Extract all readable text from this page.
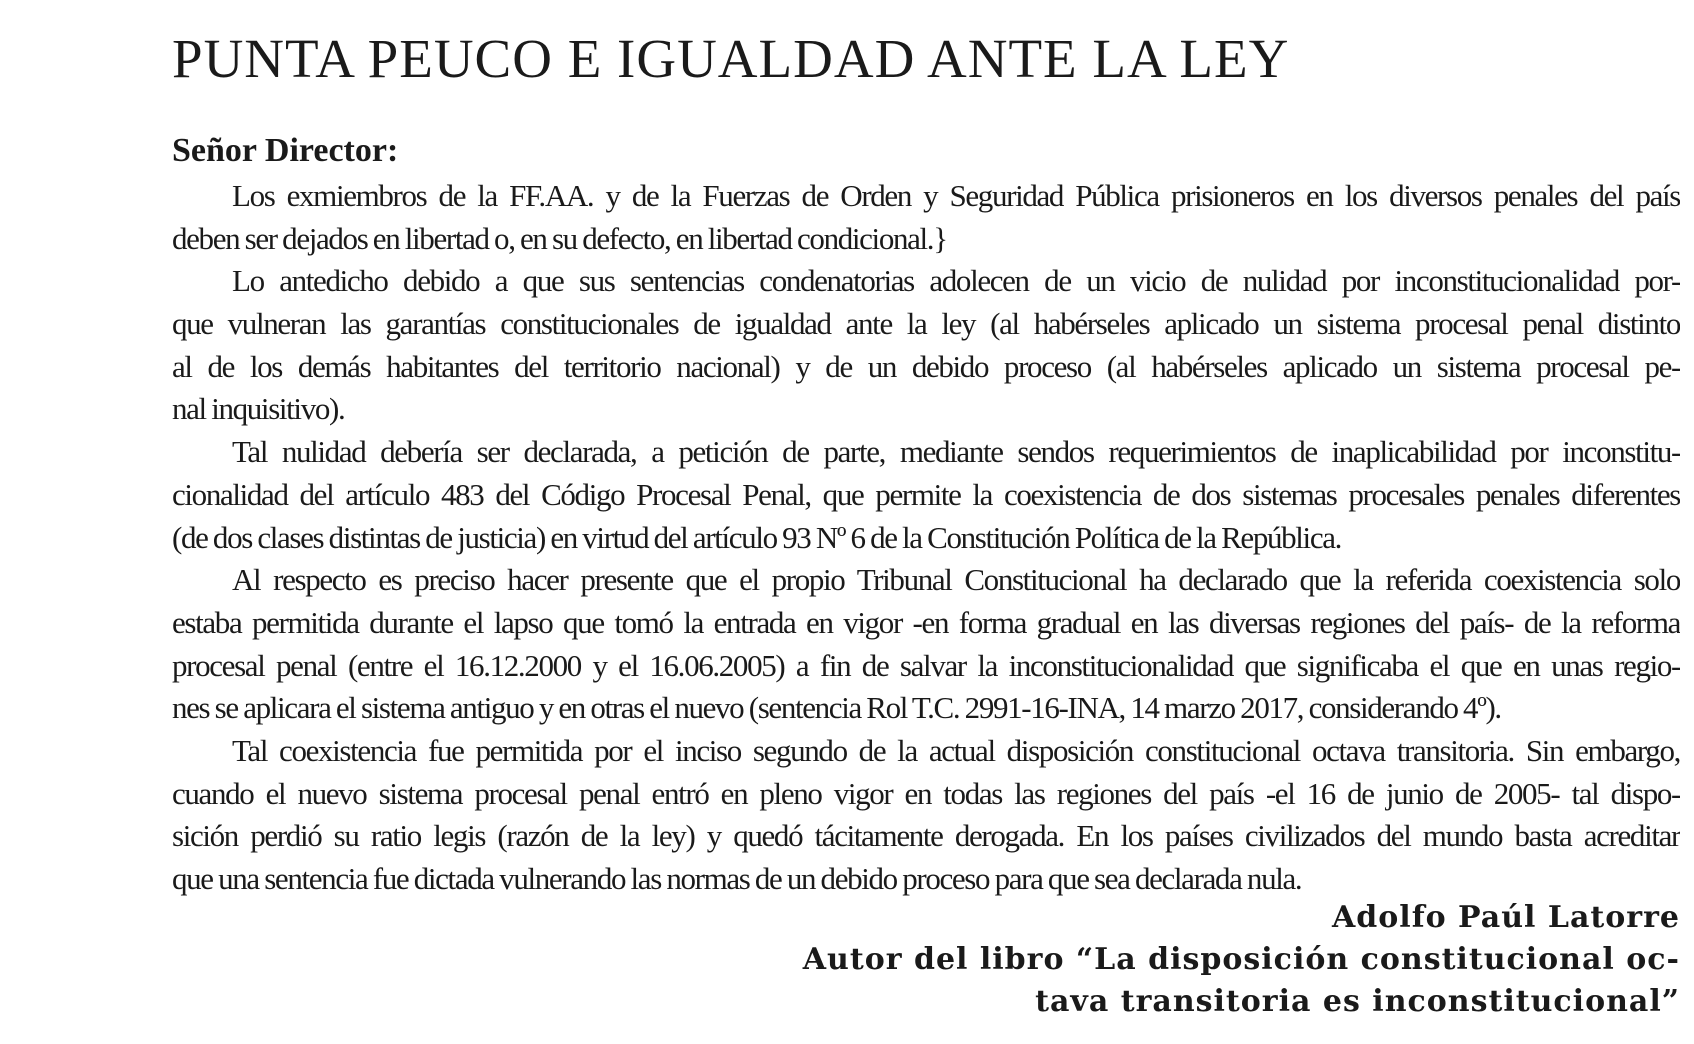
PUNTA PEUCO E IGUALDAD ANTE LA LEY
Señor Director:
Los exmiembros de la FF.AA. y de la Fuerzas de Orden y Seguridad Pública prisioneros en los diversos penales del país
deben ser dejados en libertad o, en su defecto, en libertad condicional.}
Lo antedicho debido a que sus sentencias condenatorias adolecen de un vicio de nulidad por inconstitucionalidad por-
que vulneran las garantías constitucionales de igualdad ante la ley (al habérseles aplicado un sistema procesal penal distinto
al de los demás habitantes del territorio nacional) y de un debido proceso (al habérseles aplicado un sistema procesal pe-
nal inquisitivo).
Tal nulidad debería ser declarada, a petición de parte, mediante sendos requerimientos de inaplicabilidad por inconstitu-
cionalidad del artículo 483 del Código Procesal Penal, que permite la coexistencia de dos sistemas procesales penales diferentes
(de dos clases distintas de justicia) en virtud del artículo 93 Nº 6 de la Constitución Política de la República.
Al respecto es preciso hacer presente que el propio Tribunal Constitucional ha declarado que la referida coexistencia solo
estaba permitida durante el lapso que tomó la entrada en vigor -en forma gradual en las diversas regiones del país- de la reforma
procesal penal (entre el 16.12.2000 y el 16.06.2005) a fin de salvar la inconstitucionalidad que significaba el que en unas regio-
nes se aplicara el sistema antiguo y en otras el nuevo (sentencia Rol T.C. 2991-16-INA, 14 marzo 2017, considerando 4º).
Tal coexistencia fue permitida por el inciso segundo de la actual disposición constitucional octava transitoria. Sin embargo,
cuando el nuevo sistema procesal penal entró en pleno vigor en todas las regiones del país -el 16 de junio de 2005- tal dispo-
sición perdió su ratio legis (razón de la ley) y quedó tácitamente derogada. En los países civilizados del mundo basta acreditar
que una sentencia fue dictada vulnerando las normas de un debido proceso para que sea declarada nula.
Adolfo Paúl Latorre
Autor del libro “La disposición constitucional oc-
tava transitoria es inconstitucional”
